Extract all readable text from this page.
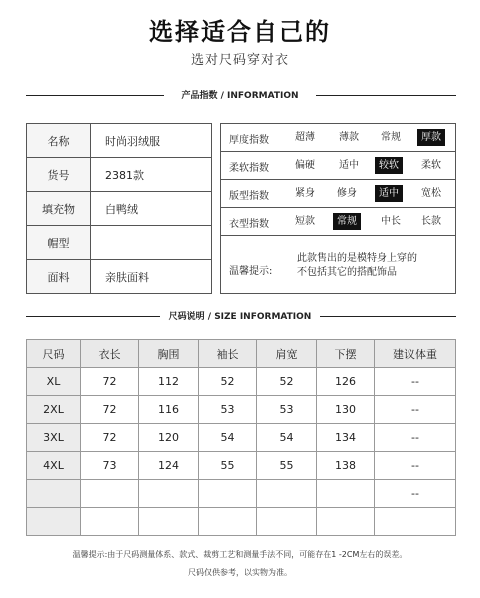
选择适合自己的
选对尺码穿对衣
产品指数 / INFORMATION
名称	时尚羽绒服
货号	2381款
填充物	白鸭绒
帽型	
面料	亲肤面料
厚度指数	超薄	薄款	常规	厚款
柔软指数	偏硬	适中	较软	柔软
版型指数	紧身	修身	适中	宽松
衣型指数	短款	常规	中长	长款
温馨提示:
此款售出的是模特身上穿的
不包括其它的搭配饰品
尺码说明 / SIZE INFORMATION
尺码	衣长	胸围	袖长	肩宽	下摆	建议体重
XL	72	112	52	52	126	--
2XL	72	116	53	53	130	--
3XL	72	120	54	54	134	--
4XL	73	124	55	55	138	--
						--

温馨提示:由于尺码测量体系、款式、裁剪工艺和测量手法不同，可能存在1 -2CM左右的误差。
尺码仅供参考，以实物为准。
